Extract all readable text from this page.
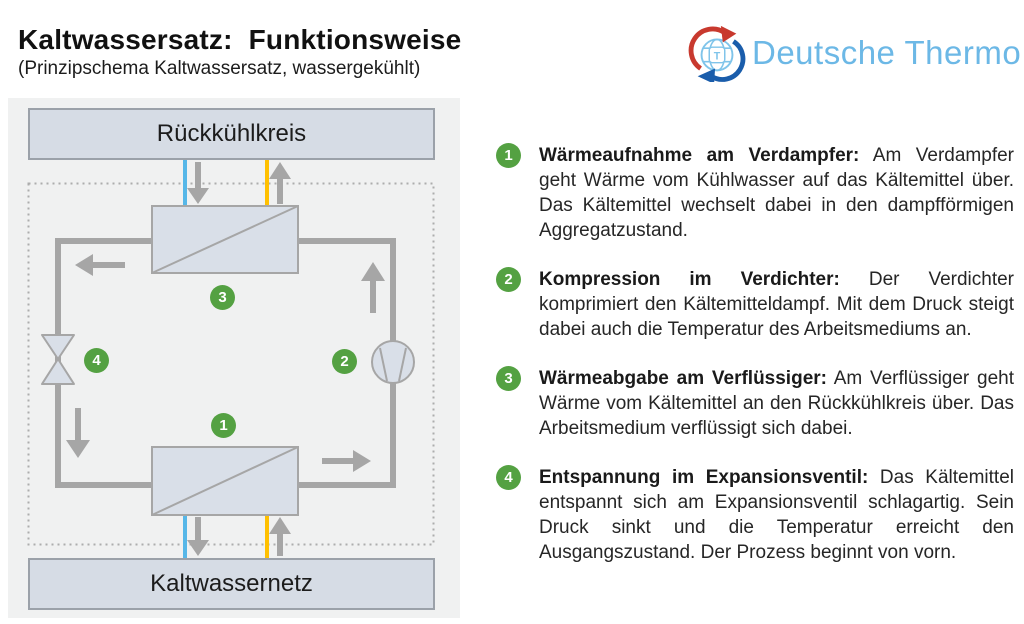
Kaltwassersatz:  Funktionsweise
(Prinzipschema Kaltwassersatz, wassergekühlt)
T Deutsche Thermo
Rückkühlkreis
Kaltwassernetz
1
2
3
4
1	Wärmeaufnahme am Verdampfer: Am Verdampfer geht Wärme vom Kühlwasser auf das Kältemittel über. Das Kältemittel wechselt dabei in den dampfförmigen Aggregatzustand.

2	Kompression im Verdichter: Der Verdichter komprimiert den Kältemitteldampf. Mit dem Druck steigt dabei auch die Temperatur des Arbeitsmediums an.

3	Wärmeabgabe am Verflüssiger: Am Verflüssiger geht Wärme vom Kältemittel an den Rückkühlkreis über. Das Arbeitsmedium verflüssigt sich dabei.

4	Entspannung im Expansionsventil: Das Kältemittel entspannt sich am Expansionsventil schlagartig. Sein Druck sinkt und die Temperatur erreicht den Ausgangszustand. Der Prozess beginnt von vorn.
